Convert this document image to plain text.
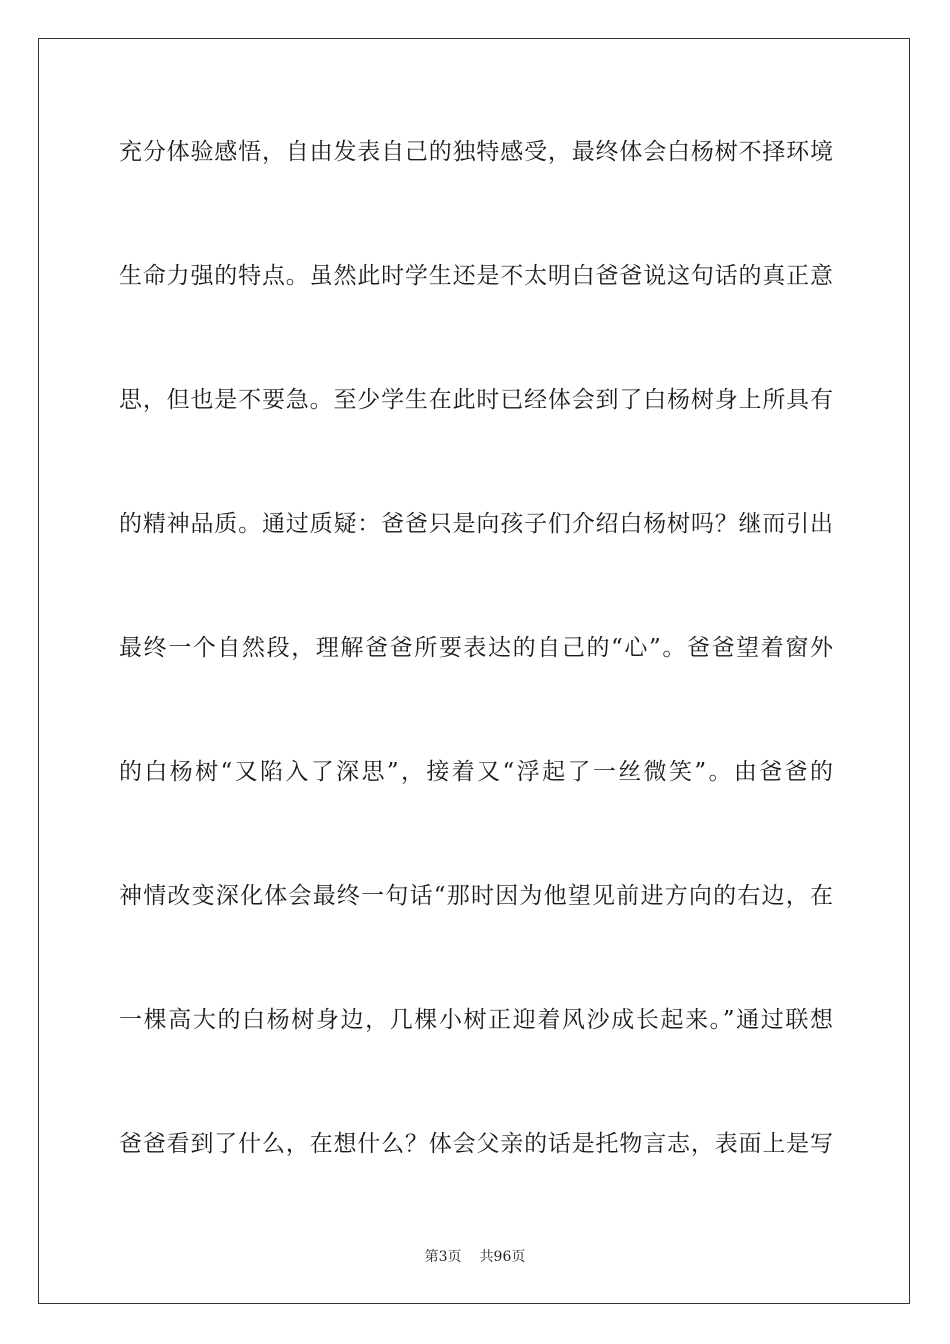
充分体验感悟，自由发表自己的独特感受，最终体会白杨树不择环境
生命力强的特点。虽然此时学生还是不太明白爸爸说这句话的真正意
思，但也是不要急。至少学生在此时已经体会到了白杨树身上所具有
的精神品质。通过质疑：爸爸只是向孩子们介绍白杨树吗？继而引出
最终一个自然段，理解爸爸所要表达的自己的“心”。爸爸望着窗外
的白杨树“又陷入了深思”，接着又“浮起了一丝微笑”。由爸爸的
神情改变深化体会最终一句话“那时因为他望见前进方向的右边，在
一棵高大的白杨树身边，几棵小树正迎着风沙成长起来。”通过联想
爸爸看到了什么，在想什么？体会父亲的话是托物言志，表面上是写
第3页 共96页
